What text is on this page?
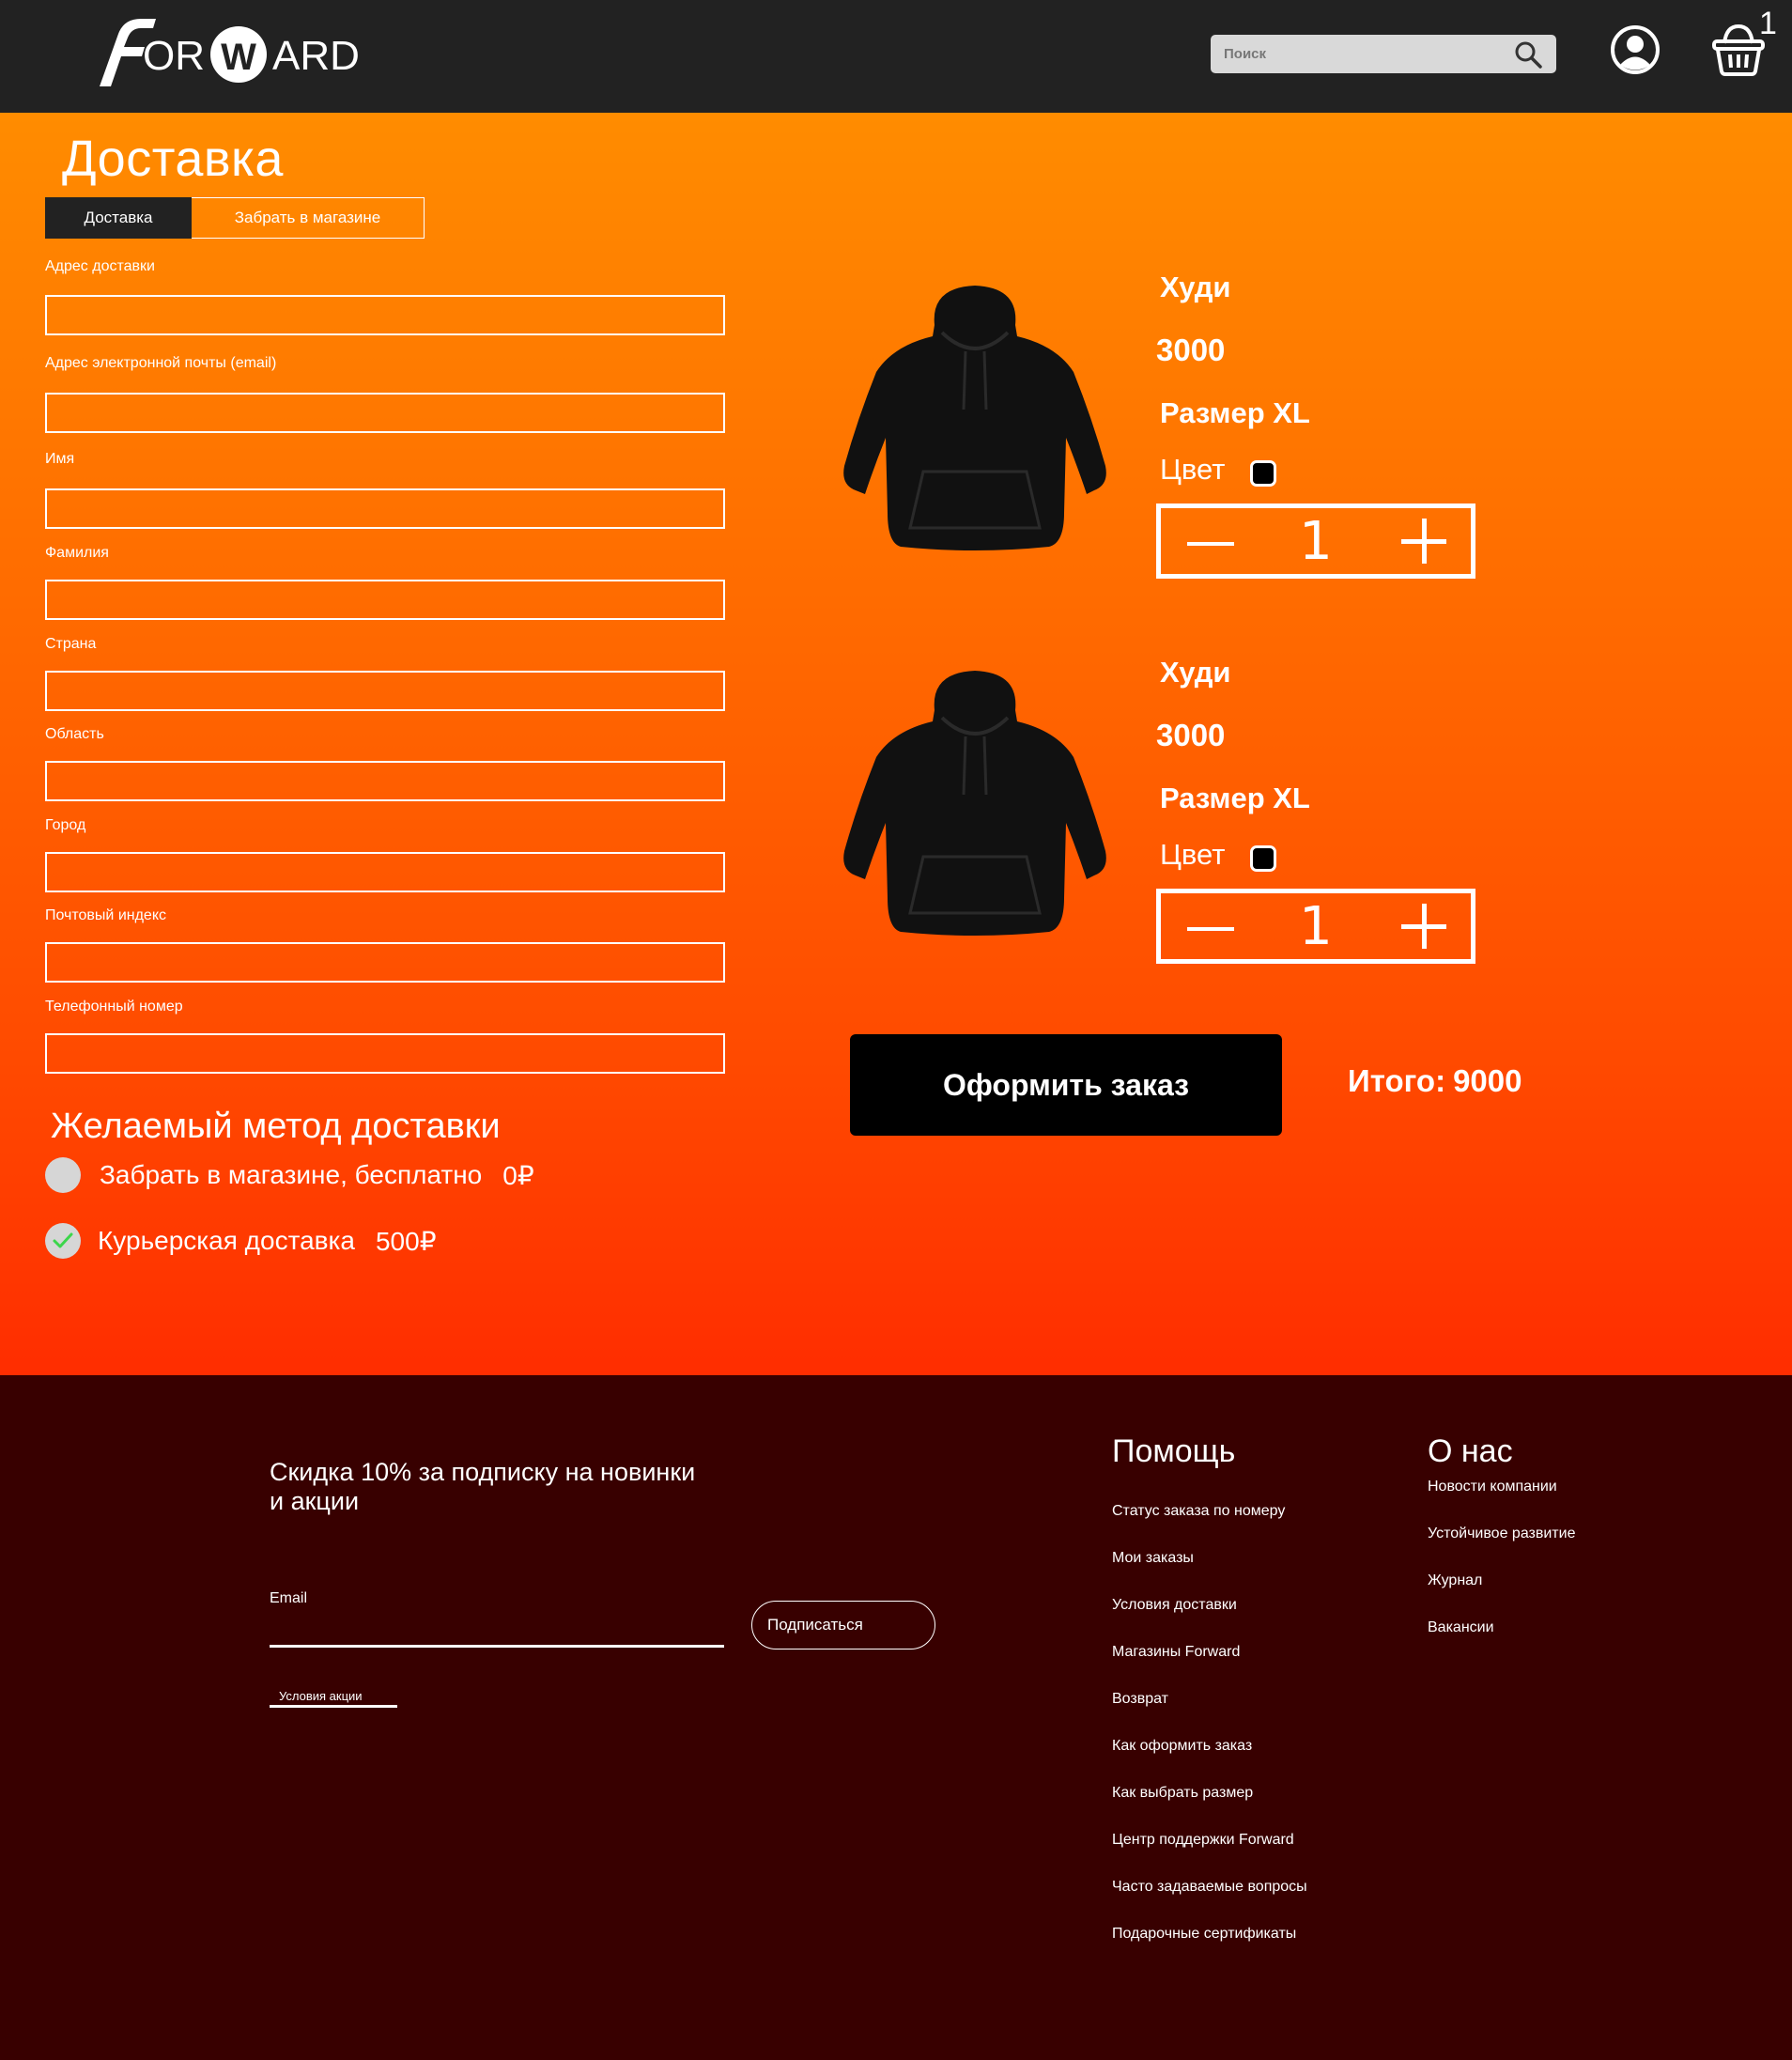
OR W ARD
Поиск
1
Доставка
Доставка	Забрать в магазине
Адрес доставки
Адрес электронной почты (email)
Имя
Фамилия
Страна
Область
Город
Почтовый индекс
Телефонный номер
Желаемый метод доставки
Забрать в магазине, бесплатно 0₽
Курьерская доставка 500₽
Худи
3000
Размер XL
Цвет
1
Худи
3000
Размер XL
Цвет
1
Оформить заказ	Итого: 9000

Скидка 10% за подписку на новинки и акции

Email
Подписаться
Условия акции
Помощь
Статус заказа по номеру
Мои заказы
Условия доставки
Магазины Forward
Возврат
Как оформить заказ
Как выбрать размер
Центр поддержки Forward
Часто задаваемые вопросы
Подарочные сертификаты
О нас
Новости компании
Устойчивое развитие
Журнал
Вакансии
